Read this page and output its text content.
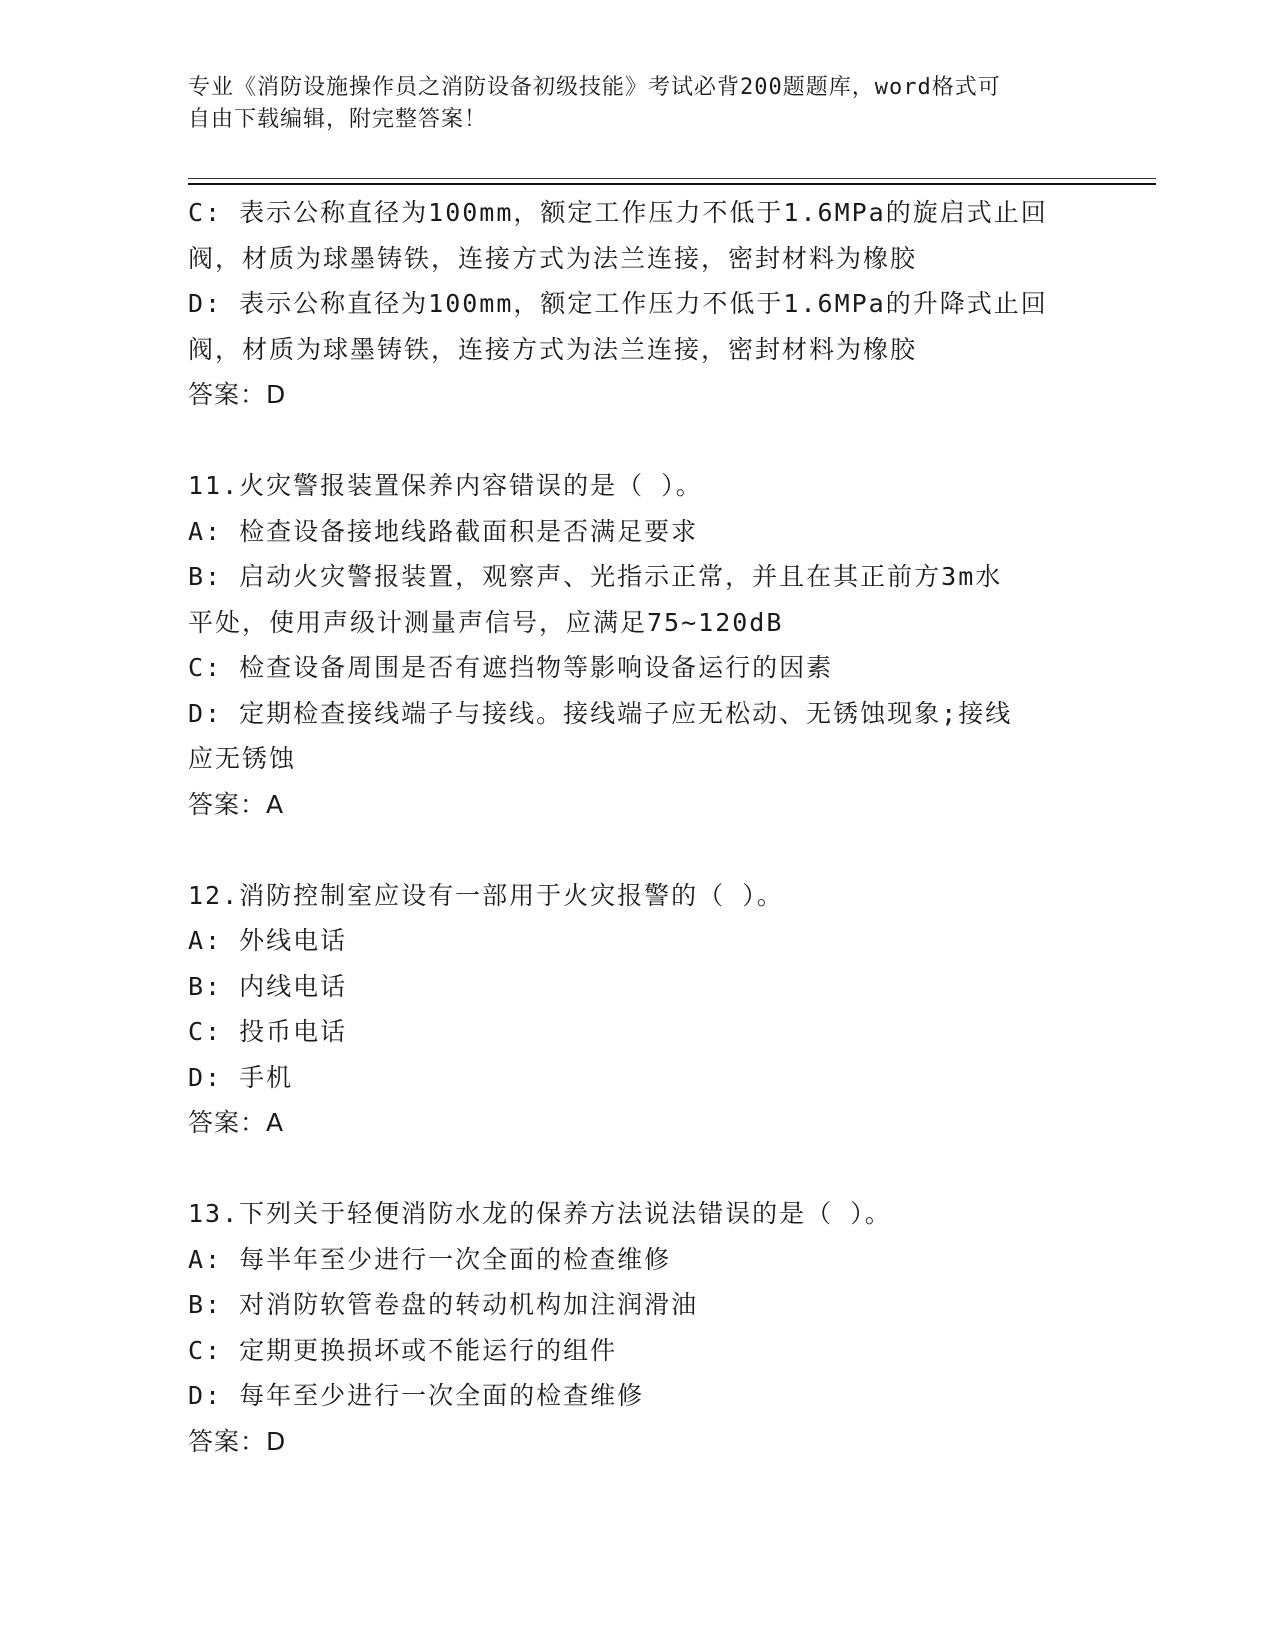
专业《消防设施操作员之消防设备初级技能》考试必背200题题库，word格式可
自由下载编辑，附完整答案！
C: 表示公称直径为100mm，额定工作压力不低于1.6MPa的旋启式止回
阀，材质为球墨铸铁，连接方式为法兰连接，密封材料为橡胶
D: 表示公称直径为100mm，额定工作压力不低于1.6MPa的升降式止回
阀，材质为球墨铸铁，连接方式为法兰连接，密封材料为橡胶
答案：D
11.火灾警报装置保养内容错误的是（ ）。
A: 检查设备接地线路截面积是否满足要求
B: 启动火灾警报装置，观察声、光指示正常，并且在其正前方3m水
平处，使用声级计测量声信号，应满足75~120dB
C: 检查设备周围是否有遮挡物等影响设备运行的因素
D: 定期检查接线端子与接线。接线端子应无松动、无锈蚀现象;接线
应无锈蚀
答案：A
12.消防控制室应设有一部用于火灾报警的（ ）。
A: 外线电话
B: 内线电话
C: 投币电话
D: 手机
答案：A
13.下列关于轻便消防水龙的保养方法说法错误的是（ ）。
A: 每半年至少进行一次全面的检查维修
B: 对消防软管卷盘的转动机构加注润滑油
C: 定期更换损坏或不能运行的组件
D: 每年至少进行一次全面的检查维修
答案：D
